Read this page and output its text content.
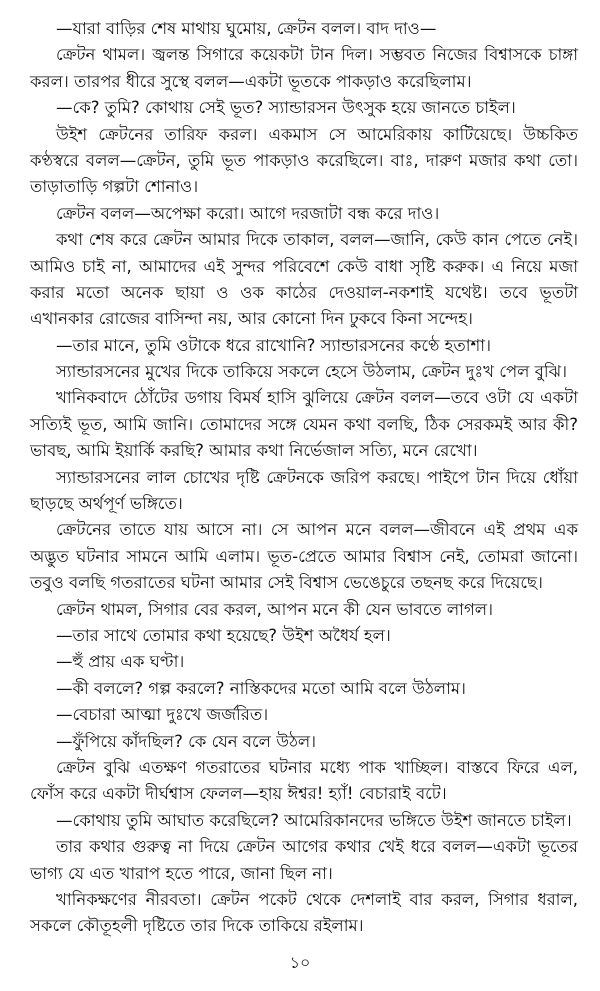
—যারা বাড়ির শেষ মাথায় ঘুমোয়, ক্রেটন বলল। বাদ দাও—
ক্রেটন থামল। জ্বলন্ত সিগারে কয়েকটা টান দিল। সম্ভবত নিজের বিশ্বাসকে চাঙ্গা করল। তারপর ধীরে সুস্থে বলল—একটা ভূতকে পাকড়াও করেছিলাম।
—কে? তুমি? কোথায় সেই ভূত? স্যান্ডারসন উৎসুক হয়ে জানতে চাইল।
উইশ ক্রেটনের তারিফ করল। একমাস সে আমেরিকায় কাটিয়েছে। উচ্চকিত কণ্ঠস্বরে বলল—ক্রেটন, তুমি ভূত পাকড়াও করেছিলে। বাঃ, দারুণ মজার কথা তো। তাড়াতাড়ি গল্পটা শোনাও।
ক্রেটন বলল—অপেক্ষা করো। আগে দরজাটা বন্ধ করে দাও।
কথা শেষ করে ক্রেটন আমার দিকে তাকাল, বলল—জানি, কেউ কান পেতে নেই। আমিও চাই না, আমাদের এই সুন্দর পরিবেশে কেউ বাধা সৃষ্টি করুক। এ নিয়ে মজা করার মতো অনেক ছায়া ও ওক কাঠের দেওয়াল-নকশাই যথেষ্ট। তবে ভূতটা এখানকার রোজের বাসিন্দা নয়, আর কোনো দিন ঢুকবে কিনা সন্দেহ।
—তার মানে, তুমি ওটাকে ধরে রাখোনি? স্যান্ডারসনের কণ্ঠে হতাশা।
স্যান্ডারসনের মুখের দিকে তাকিয়ে সকলে হেসে উঠলাম, ক্রেটন দুঃখ পেল বুঝি।
খানিকবাদে ঠোঁটের ডগায় বিমর্ষ হাসি ঝুলিয়ে ক্রেটন বলল—তবে ওটা যে একটা সত্যিই ভূত, আমি জানি। তোমাদের সঙ্গে যেমন কথা বলছি, ঠিক সেরকমই আর কী? ভাবছ, আমি ইয়ার্কি করছি? আমার কথা নির্ভেজাল সত্যি, মনে রেখো।
স্যান্ডারসনের লাল চোখের দৃষ্টি ক্রেটনকে জরিপ করছে। পাইপে টান দিয়ে ধোঁয়া ছাড়ছে অর্থপূর্ণ ভঙ্গিতে।
ক্রেটনের তাতে যায় আসে না। সে আপন মনে বলল—জীবনে এই প্রথম এক অদ্ভুত ঘটনার সামনে আমি এলাম। ভূত-প্রেতে আমার বিশ্বাস নেই, তোমরা জানো। তবুও বলছি গতরাতের ঘটনা আমার সেই বিশ্বাস ভেঙেচুরে তছনছ করে দিয়েছে।
ক্রেটন থামল, সিগার বের করল, আপন মনে কী যেন ভাবতে লাগল।
—তার সাথে তোমার কথা হয়েছে? উইশ অধৈর্য হল।
—হুঁ প্রায় এক ঘণ্টা।
—কী বললে? গল্প করলে? নাস্তিকদের মতো আমি বলে উঠলাম।
—বেচারা আত্মা দুঃখে জর্জরিত।
—ফুঁপিয়ে কাঁদছিল? কে যেন বলে উঠল।
ক্রেটন বুঝি এতক্ষণ গতরাতের ঘটনার মধ্যে পাক খাচ্ছিল। বাস্তবে ফিরে এল, ফোঁস করে একটা দীর্ঘশ্বাস ফেলল—হায় ঈশ্বর! হ্যাঁ! বেচারাই বটে।
—কোথায় তুমি আঘাত করেছিলে? আমেরিকানদের ভঙ্গিতে উইশ জানতে চাইল।
তার কথার গুরুত্ব না দিয়ে ক্রেটন আগের কথার খেই ধরে বলল—একটা ভূতের ভাগ্য যে এত খারাপ হতে পারে, জানা ছিল না।
খানিকক্ষণের নীরবতা। ক্রেটন পকেট থেকে দেশলাই বার করল, সিগার ধরাল, সকলে কৌতূহলী দৃষ্টিতে তার দিকে তাকিয়ে রইলাম।
১০
